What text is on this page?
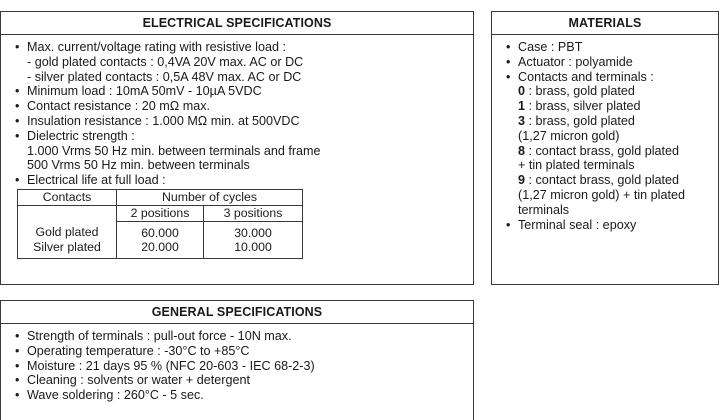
ELECTRICAL SPECIFICATIONS
• Max. current/voltage rating with resistive load :
- gold plated contacts : 0,4VA 20V max. AC or DC
- silver plated contacts : 0,5A 48V max. AC or DC
• Minimum load : 10mA 50mV - 10µA 5VDC
• Contact resistance : 20 mΩ max.
• Insulation resistance : 1.000 MΩ min. at 500VDC
• Dielectric strength :
1.000 Vrms 50 Hz min. between terminals and frame
500 Vrms 50 Hz min. between terminals
• Electrical life at full load :
Contacts	Number of cycles	
	2 positions	3 positions
Gold plated	60.000	30.000
Silver plated	20.000	10.000
MATERIALS
• Case : PBT
• Actuator : polyamide
• Contacts and terminals :
0 : brass, gold plated
1 : brass, silver plated
3 : brass, gold plated
(1,27 micron gold)
8 : contact brass, gold plated
+ tin plated terminals
9 : contact brass, gold plated
(1,27 micron gold) + tin plated
terminals
• Terminal seal : epoxy
GENERAL SPECIFICATIONS
• Strength of terminals : pull-out force - 10N max.
• Operating temperature : -30°C to +85°C
• Moisture : 21 days 95 % (NFC 20-603 - IEC 68-2-3)
• Cleaning : solvents or water + detergent
• Wave soldering : 260°C - 5 sec.
